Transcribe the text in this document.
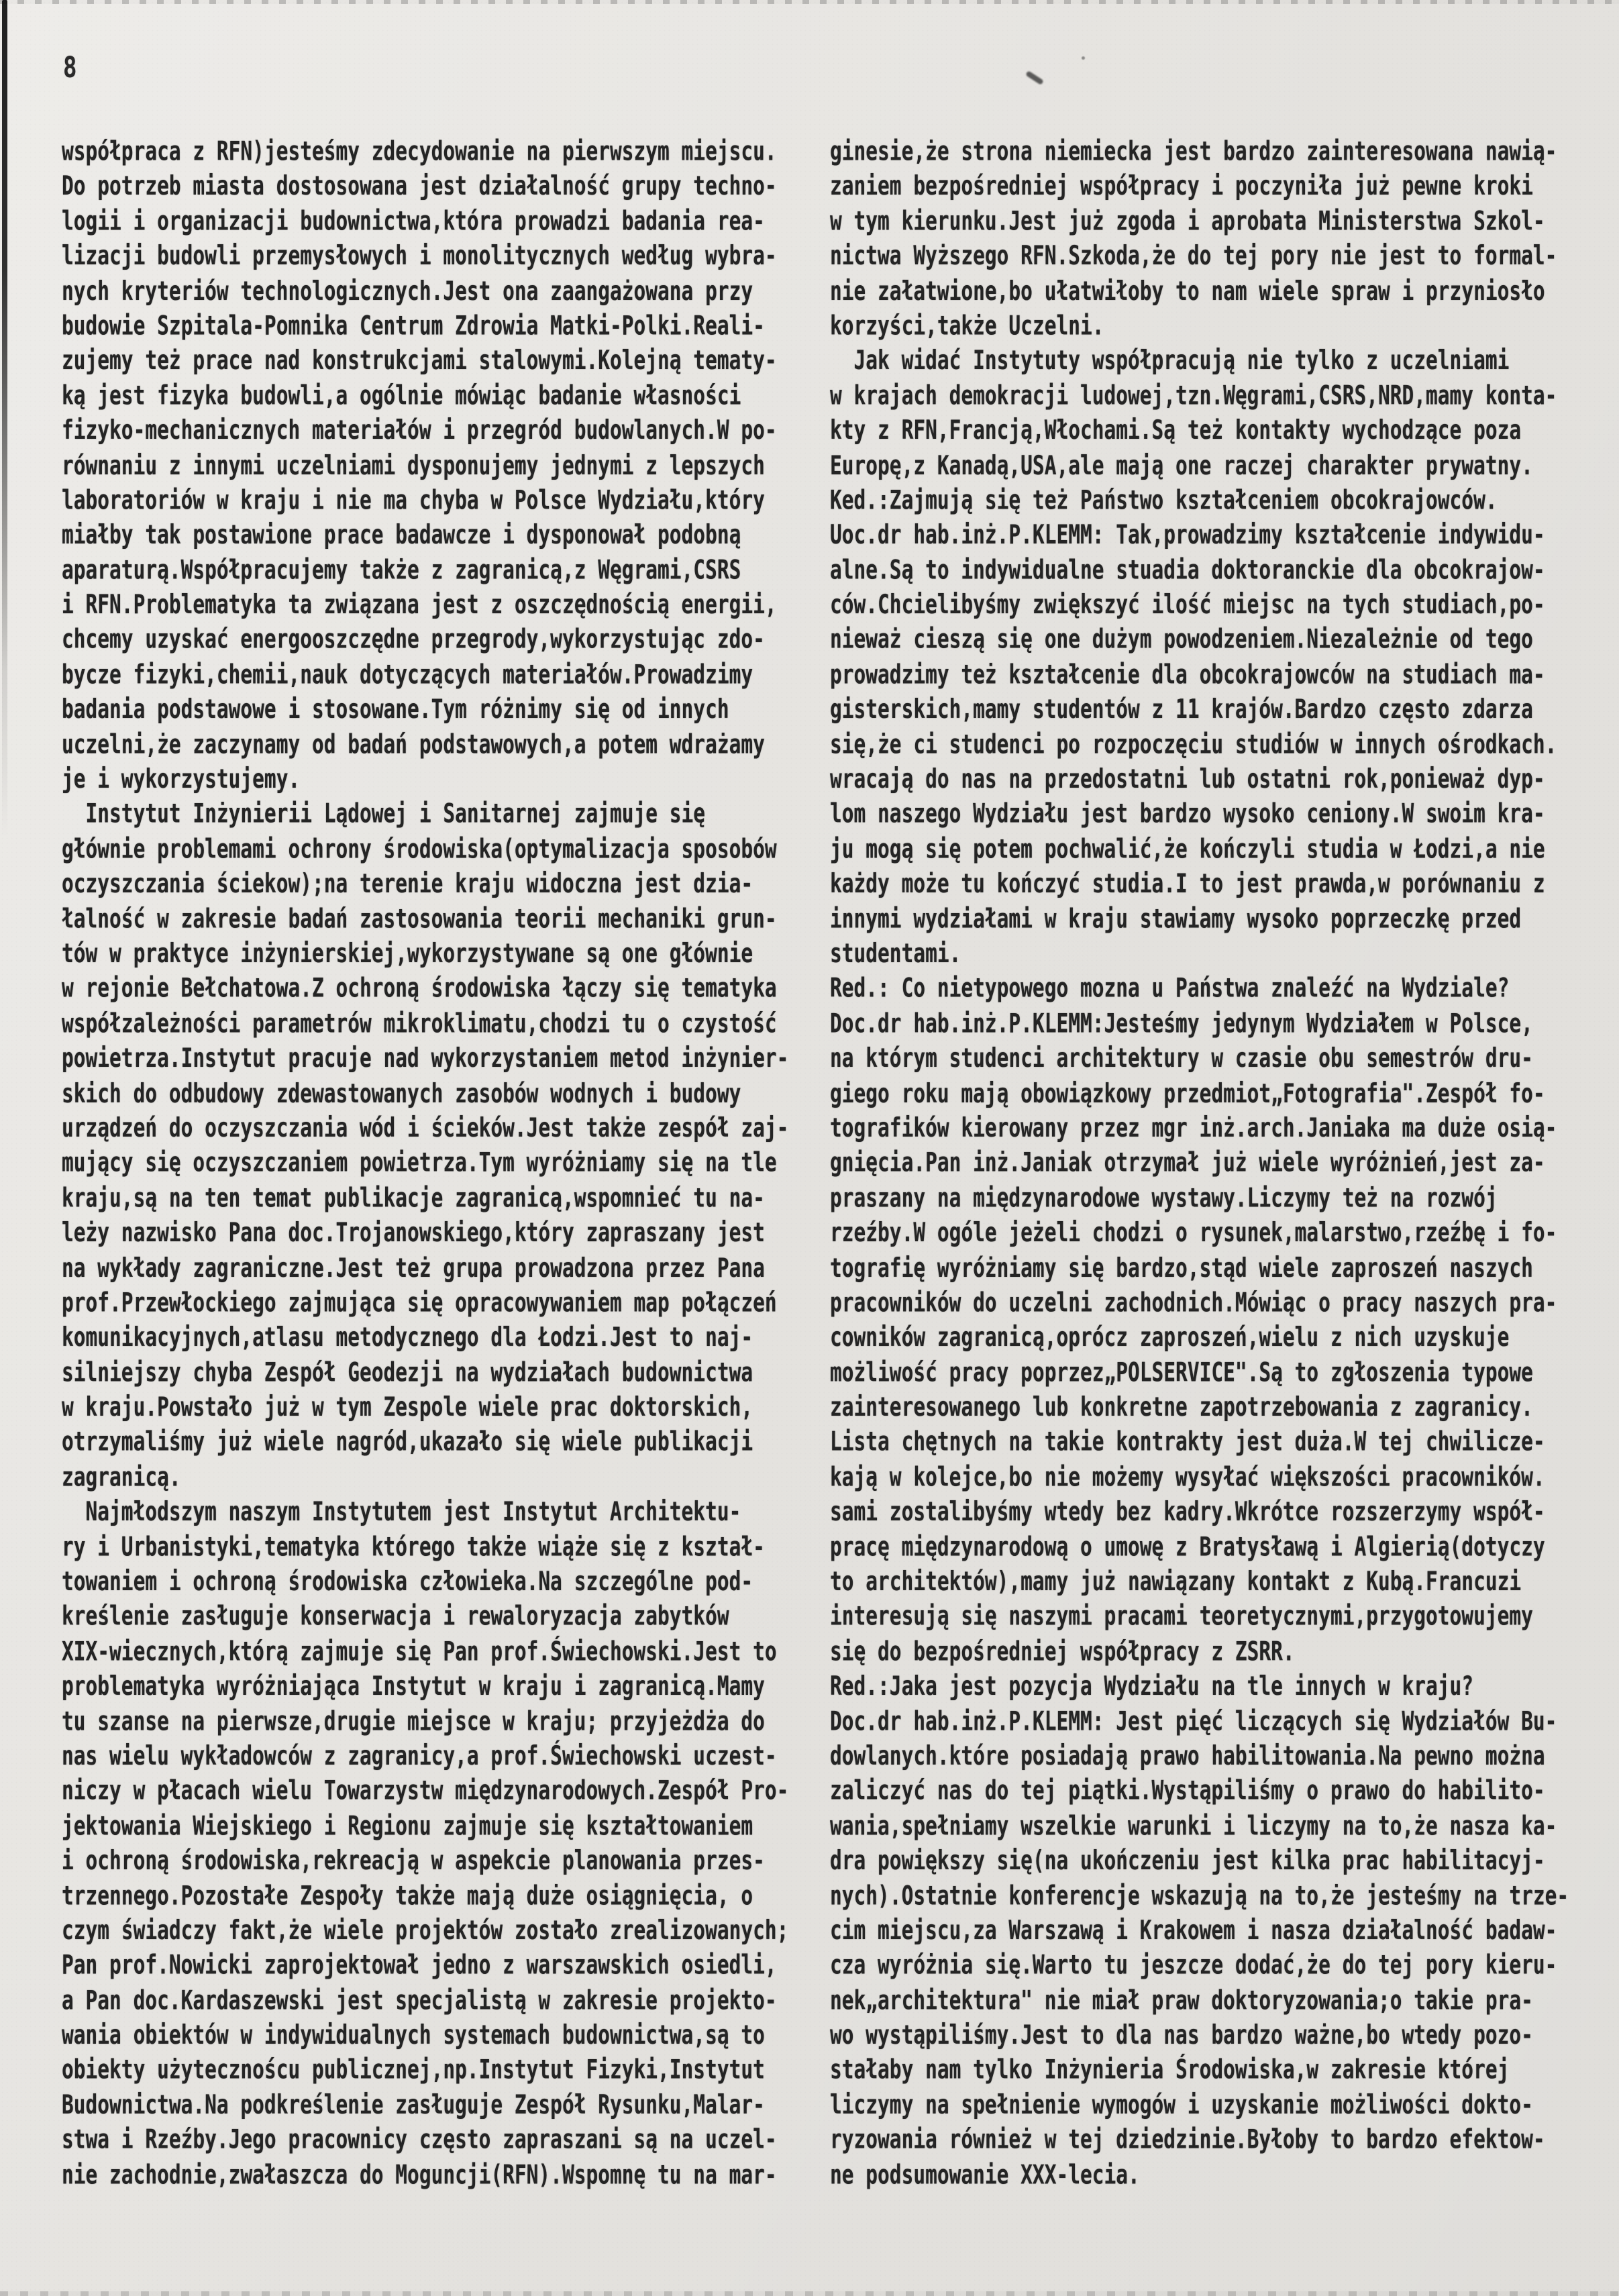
8
współpraca z RFN)jesteśmy zdecydowanie na pierwszym miejscu.
Do potrzeb miasta dostosowana jest działalność grupy techno-
logii i organizacji budownictwa,która prowadzi badania rea-
lizacji budowli przemysłowych i monolitycznych według wybra-
nych kryteriów technologicznych.Jest ona zaangażowana przy
budowie Szpitala-Pomnika Centrum Zdrowia Matki-Polki.Reali-
zujemy też prace nad konstrukcjami stalowymi.Kolejną tematy-
ką jest fizyka budowli,a ogólnie mówiąc badanie własności
fizyko-mechanicznych materiałów i przegród budowlanych.W po-
równaniu z innymi uczelniami dysponujemy jednymi z lepszych
laboratoriów w kraju i nie ma chyba w Polsce Wydziału,który
miałby tak postawione prace badawcze i dysponował podobną
aparaturą.Współpracujemy także z zagranicą,z Węgrami,CSRS
i RFN.Problematyka ta związana jest z oszczędnością energii,
chcemy uzyskać energooszczędne przegrody,wykorzystując zdo-
bycze fizyki,chemii,nauk dotyczących materiałów.Prowadzimy
badania podstawowe i stosowane.Tym różnimy się od innych
uczelni,że zaczynamy od badań podstawowych,a potem wdrażamy
je i wykorzystujemy.
Instytut Inżynierii Lądowej i Sanitarnej zajmuje się
głównie problemami ochrony środowiska(optymalizacja sposobów
oczyszczania ściekow);na terenie kraju widoczna jest dzia-
łalność w zakresie badań zastosowania teorii mechaniki grun-
tów w praktyce inżynierskiej,wykorzystywane są one głównie
w rejonie Bełchatowa.Z ochroną środowiska łączy się tematyka
współzależności parametrów mikroklimatu,chodzi tu o czystość
powietrza.Instytut pracuje nad wykorzystaniem metod inżynier-
skich do odbudowy zdewastowanych zasobów wodnych i budowy
urządzeń do oczyszczania wód i ścieków.Jest także zespół zaj-
mujący się oczyszczaniem powietrza.Tym wyróżniamy się na tle
kraju,są na ten temat publikacje zagranicą,wspomnieć tu na-
leży nazwisko Pana doc.Trojanowskiego,który zapraszany jest
na wykłady zagraniczne.Jest też grupa prowadzona przez Pana
prof.Przewłockiego zajmująca się opracowywaniem map połączeń
komunikacyjnych,atlasu metodycznego dla Łodzi.Jest to naj-
silniejszy chyba Zespół Geodezji na wydziałach budownictwa
w kraju.Powstało już w tym Zespole wiele prac doktorskich,
otrzymaliśmy już wiele nagród,ukazało się wiele publikacji
zagranicą.
Najmłodszym naszym Instytutem jest Instytut Architektu-
ry i Urbanistyki,tematyka którego także wiąże się z kształ-
towaniem i ochroną środowiska człowieka.Na szczególne pod-
kreślenie zasługuje konserwacja i rewaloryzacja zabytków
XIX-wiecznych,którą zajmuje się Pan prof.Świechowski.Jest to
problematyka wyróżniająca Instytut w kraju i zagranicą.Mamy
tu szanse na pierwsze,drugie miejsce w kraju; przyjeżdża do
nas wielu wykładowców z zagranicy,a prof.Świechowski uczest-
niczy w płacach wielu Towarzystw międzynarodowych.Zespół Pro-
jektowania Wiejskiego i Regionu zajmuje się kształtowaniem
i ochroną środowiska,rekreacją w aspekcie planowania przes-
trzennego.Pozostałe Zespoły także mają duże osiągnięcia, o
czym świadczy fakt,że wiele projektów zostało zrealizowanych;
Pan prof.Nowicki zaprojektował jedno z warszawskich osiedli,
a Pan doc.Kardaszewski jest specjalistą w zakresie projekto-
wania obiektów w indywidualnych systemach budownictwa,są to
obiekty użytecznoścu publicznej,np.Instytut Fizyki,Instytut
Budownictwa.Na podkreślenie zasługuje Zespół Rysunku,Malar-
stwa i Rzeźby.Jego pracownicy często zapraszani są na uczel-
nie zachodnie,zwałaszcza do Moguncji(RFN).Wspomnę tu na mar-
ginesie,że strona niemiecka jest bardzo zainteresowana nawią-
zaniem bezpośredniej współpracy i poczyniła już pewne kroki
w tym kierunku.Jest już zgoda i aprobata Ministerstwa Szkol-
nictwa Wyższego RFN.Szkoda,że do tej pory nie jest to formal-
nie załatwione,bo ułatwiłoby to nam wiele spraw i przyniosło
korzyści,także Uczelni.
Jak widać Instytuty współpracują nie tylko z uczelniami
w krajach demokracji ludowej,tzn.Węgrami,CSRS,NRD,mamy konta-
kty z RFN,Francją,Włochami.Są też kontakty wychodzące poza
Europę,z Kanadą,USA,ale mają one raczej charakter prywatny.
Ked.:Zajmują się też Państwo kształceniem obcokrajowców.
Uoc.dr hab.inż.P.KLEMM: Tak,prowadzimy kształcenie indywidu-
alne.Są to indywidualne stuadia doktoranckie dla obcokrajow-
ców.Chcielibyśmy zwiększyć ilość miejsc na tych studiach,po-
nieważ cieszą się one dużym powodzeniem.Niezależnie od tego
prowadzimy też kształcenie dla obcokrajowców na studiach ma-
gisterskich,mamy studentów z 11 krajów.Bardzo często zdarza
się,że ci studenci po rozpoczęciu studiów w innych ośrodkach.
wracają do nas na przedostatni lub ostatni rok,ponieważ dyp-
lom naszego Wydziału jest bardzo wysoko ceniony.W swoim kra-
ju mogą się potem pochwalić,że kończyli studia w Łodzi,a nie
każdy może tu kończyć studia.I to jest prawda,w porównaniu z
innymi wydziałami w kraju stawiamy wysoko poprzeczkę przed
studentami.
Red.: Co nietypowego mozna u Państwa znaleźć na Wydziale?
Doc.dr hab.inż.P.KLEMM:Jesteśmy jedynym Wydziałem w Polsce,
na którym studenci architektury w czasie obu semestrów dru-
giego roku mają obowiązkowy przedmiot„Fotografia".Zespół fo-
tografików kierowany przez mgr inż.arch.Janiaka ma duże osią-
gnięcia.Pan inż.Janiak otrzymał już wiele wyróżnień,jest za-
praszany na międzynarodowe wystawy.Liczymy też na rozwój
rzeźby.W ogóle jeżeli chodzi o rysunek,malarstwo,rzeźbę i fo-
tografię wyróżniamy się bardzo,stąd wiele zaproszeń naszych
pracowników do uczelni zachodnich.Mówiąc o pracy naszych pra-
cowników zagranicą,oprócz zaproszeń,wielu z nich uzyskuje
możliwość pracy poprzez„POLSERVICE".Są to zgłoszenia typowe
zainteresowanego lub konkretne zapotrzebowania z zagranicy.
Lista chętnych na takie kontrakty jest duża.W tej chwilicze-
kają w kolejce,bo nie możemy wysyłać większości pracowników.
sami zostalibyśmy wtedy bez kadry.Wkrótce rozszerzymy współ-
pracę międzynarodową o umowę z Bratysławą i Algierią(dotyczy
to architektów),mamy już nawiązany kontakt z Kubą.Francuzi
interesują się naszymi pracami teoretycznymi,przygotowujemy
się do bezpośredniej współpracy z ZSRR.
Red.:Jaka jest pozycja Wydziału na tle innych w kraju?
Doc.dr hab.inż.P.KLEMM: Jest pięć liczących się Wydziałów Bu-
dowlanych.które posiadają prawo habilitowania.Na pewno można
zaliczyć nas do tej piątki.Wystąpiliśmy o prawo do habilito-
wania,spełniamy wszelkie warunki i liczymy na to,że nasza ka-
dra powiększy się(na ukończeniu jest kilka prac habilitacyj-
nych).Ostatnie konferencje wskazują na to,że jesteśmy na trze-
cim miejscu,za Warszawą i Krakowem i nasza działalność badaw-
cza wyróżnia się.Warto tu jeszcze dodać,że do tej pory kieru-
nek„architektura" nie miał praw doktoryzowania;o takie pra-
wo wystąpiliśmy.Jest to dla nas bardzo ważne,bo wtedy pozo-
stałaby nam tylko Inżynieria Środowiska,w zakresie której
liczymy na spełnienie wymogów i uzyskanie możliwości dokto-
ryzowania również w tej dziedzinie.Byłoby to bardzo efektow-
ne podsumowanie XXX-lecia.
